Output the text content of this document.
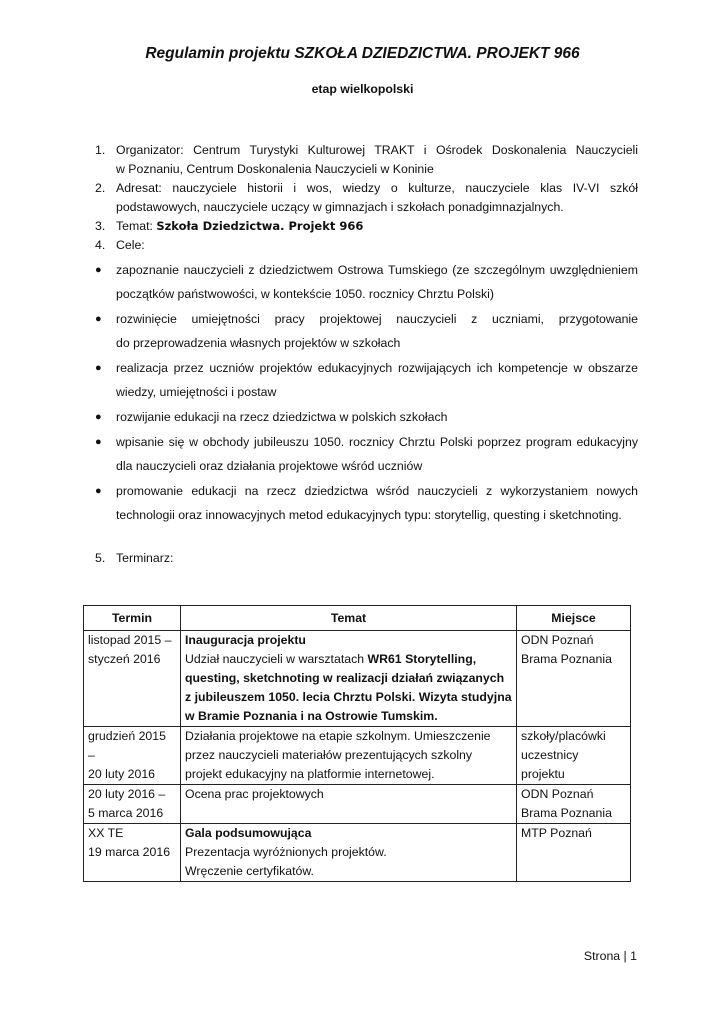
Regulamin projektu SZKOŁA DZIEDZICTWA. PROJEKT 966
etap wielkopolski
1. Organizator: Centrum Turystyki Kulturowej TRAKT i Ośrodek Doskonalenia Nauczycieli
w Poznaniu, Centrum Doskonalenia Nauczycieli w Koninie
2. Adresat: nauczyciele historii i wos, wiedzy o kulturze, nauczyciele klas IV-VI szkół
podstawowych, nauczyciele uczący w gimnazjach i szkołach ponadgimnazjalnych.
3. Temat: Szkoła Dziedzictwa. Projekt 966
4. Cele:
● zapoznanie nauczycieli z dziedzictwem Ostrowa Tumskiego (ze szczególnym uwzględnieniem
początków państwowości, w kontekście 1050. rocznicy Chrztu Polski)
● rozwinięcie umiejętności pracy projektowej nauczycieli z uczniami, przygotowanie
do przeprowadzenia własnych projektów w szkołach
● realizacja przez uczniów projektów edukacyjnych rozwijających ich kompetencje w obszarze
wiedzy, umiejętności i postaw
● rozwijanie edukacji na rzecz dziedzictwa w polskich szkołach
● wpisanie się w obchody jubileuszu 1050. rocznicy Chrztu Polski poprzez program edukacyjny
dla nauczycieli oraz działania projektowe wśród uczniów
● promowanie edukacji na rzecz dziedzictwa wśród nauczycieli z wykorzystaniem nowych
technologii oraz innowacyjnych metod edukacyjnych typu: storytellig, questing i sketchnoting.
5. Terminarz:
Termin	Temat	Miejsce

listopad 2015 –
styczeń 2016	Inauguracja projektu
Udział nauczycieli w warsztatach WR61 Storytelling,
questing, sketchnoting w realizacji działań związanych
z jubileuszem 1050. lecia Chrztu Polski. Wizyta studyjna
w Bramie Poznania i na Ostrowie Tumskim.	ODN Poznań
Brama Poznania

grudzień 2015 –
20 luty 2016	Działania projektowe na etapie szkolnym. Umieszczenie
przez nauczycieli materiałów prezentujących szkolny
projekt edukacyjny na platformie internetowej.	szkoły/placówki
uczestnicy
projektu

20 luty 2016 –
5 marca 2016	Ocena prac projektowych	ODN Poznań
Brama Poznania

XX TE
19 marca 2016	Gala podsumowująca
Prezentacja wyróżnionych projektów.
Wręczenie certyfikatów.	MTP Poznań
Strona | 1
